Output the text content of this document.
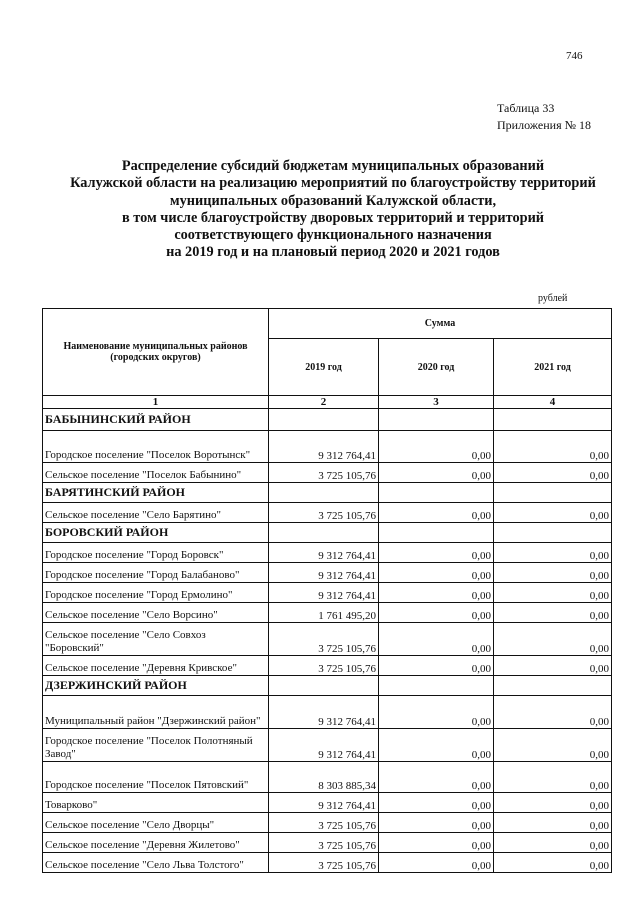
746
Таблица 33
Приложения № 18
Распределение субсидий бюджетам муниципальных образований
Калужской области на реализацию мероприятий по благоустройству территорий
муниципальных образований Калужской области,
в том числе благоустройству дворовых территорий и территорий
соответствующего функционального назначения
на 2019 год и на плановый период 2020 и 2021 годов
рублей
Наименование муниципальных районов (городских округов)	Сумма		
	2019 год	2020 год	2021 год
1	2	3	4
БАБЫНИНСКИЙ РАЙОН			
Городское поселение "Поселок Воротынск"	9 312 764,41	0,00	0,00
Сельское поселение "Поселок Бабынино"	3 725 105,76	0,00	0,00
БАРЯТИНСКИЙ РАЙОН			
Сельское поселение "Село Барятино"	3 725 105,76	0,00	0,00
БОРОВСКИЙ РАЙОН			
Городское поселение "Город Боровск"	9 312 764,41	0,00	0,00
Городское поселение "Город Балабаново"	9 312 764,41	0,00	0,00
Городское поселение "Город Ермолино"	9 312 764,41	0,00	0,00
Сельское поселение "Село Ворсино"	1 761 495,20	0,00	0,00
Сельское поселение "Село Совхоз "Боровский"	3 725 105,76	0,00	0,00
Сельское поселение "Деревня Кривское"	3 725 105,76	0,00	0,00
ДЗЕРЖИНСКИЙ РАЙОН			
Муниципальный район "Дзержинский район"	9 312 764,41	0,00	0,00
Городское поселение "Поселок Полотняный Завод"	9 312 764,41	0,00	0,00
Городское поселение "Поселок Пятовский"	8 303 885,34	0,00	0,00
Товарково"	9 312 764,41	0,00	0,00
Сельское поселение "Село Дворцы"	3 725 105,76	0,00	0,00
Сельское поселение "Деревня Жилетово"	3 725 105,76	0,00	0,00
Сельское поселение "Село Льва Толстого"	3 725 105,76	0,00	0,00
